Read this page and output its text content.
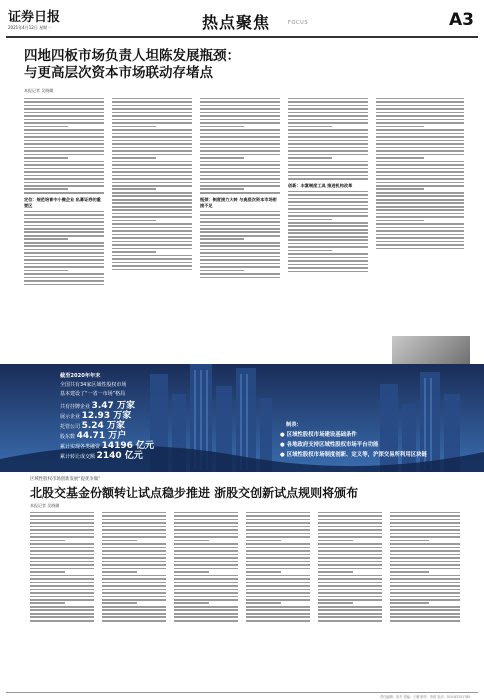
证券日报
2021年4月12日 星期一	热点聚焦	FOCUS	A3
四地四板市场负责人坦陈发展瓶颈：
与更高层次资本市场联动存堵点
本报记者 吴晓璐
定位：规范培育中小微企业 私募证券的重要区
瓶颈：制度接力大转 与高层次资本市场衔接不足
创新：丰富制度工具 推进机构改革
截至2020年年末
全国共有34家区域性股权市场
基本建设了“一省一市场”格局
共有挂牌企业 3.47 万家
展示企业 12.93 万家
托管公司 5.24 万家
股东数 44.71 万户
累计实现各类融资 14196 亿元
累计转让成交额 2140 亿元
制表：
● 区域性股权市场建设基础条件
● 各地政府支持区域性股权市场平台功能
● 区域性股权市场制度创新、定义等，沪深交易所利用区块链
区域性股权市场创新发展“提优争做”
北股交基金份额转让试点稳步推进 浙股交创新试点规则将颁布
本报记者 吴晓璐
责任编辑：田冬 美编：王琳 制作：李波 电话：010-83251785
